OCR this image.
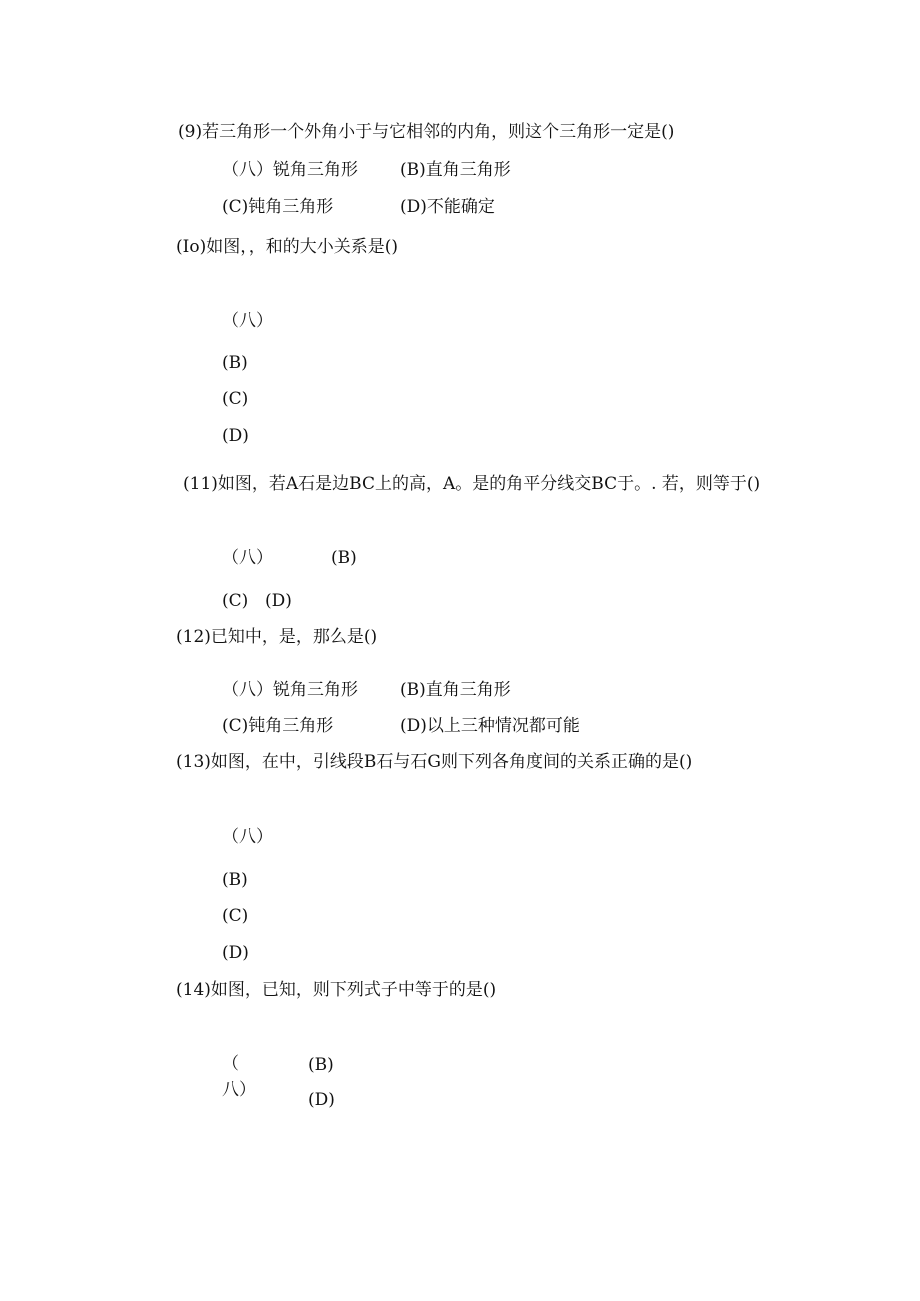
(9)若三角形一个外角小于与它相邻的内角，则这个三角形一定是()
（八）锐角三角形 (B)直角三角形
(C)钝角三角形	(D)不能确定
(Io)如图，，和的大小关系是()
（八）
(B)
(C)
(D)
(11)如图，若A石是边BC上的高，A。是的角平分线交BC于。. 若，则等于()
（八）	(B)
(C) (D)
(12)已知中，是，那么是()
（八）锐角三角形 (B)直角三角形
(C)钝角三角形	(D)以上三种情况都可能
(13)如图，在中，引线段B石与石G则下列各角度间的关系正确的是()
（八）
(B)
(C)
(D)
(14)如图，已知，则下列式子中等于的是()
（
八）
(B)
(D)
